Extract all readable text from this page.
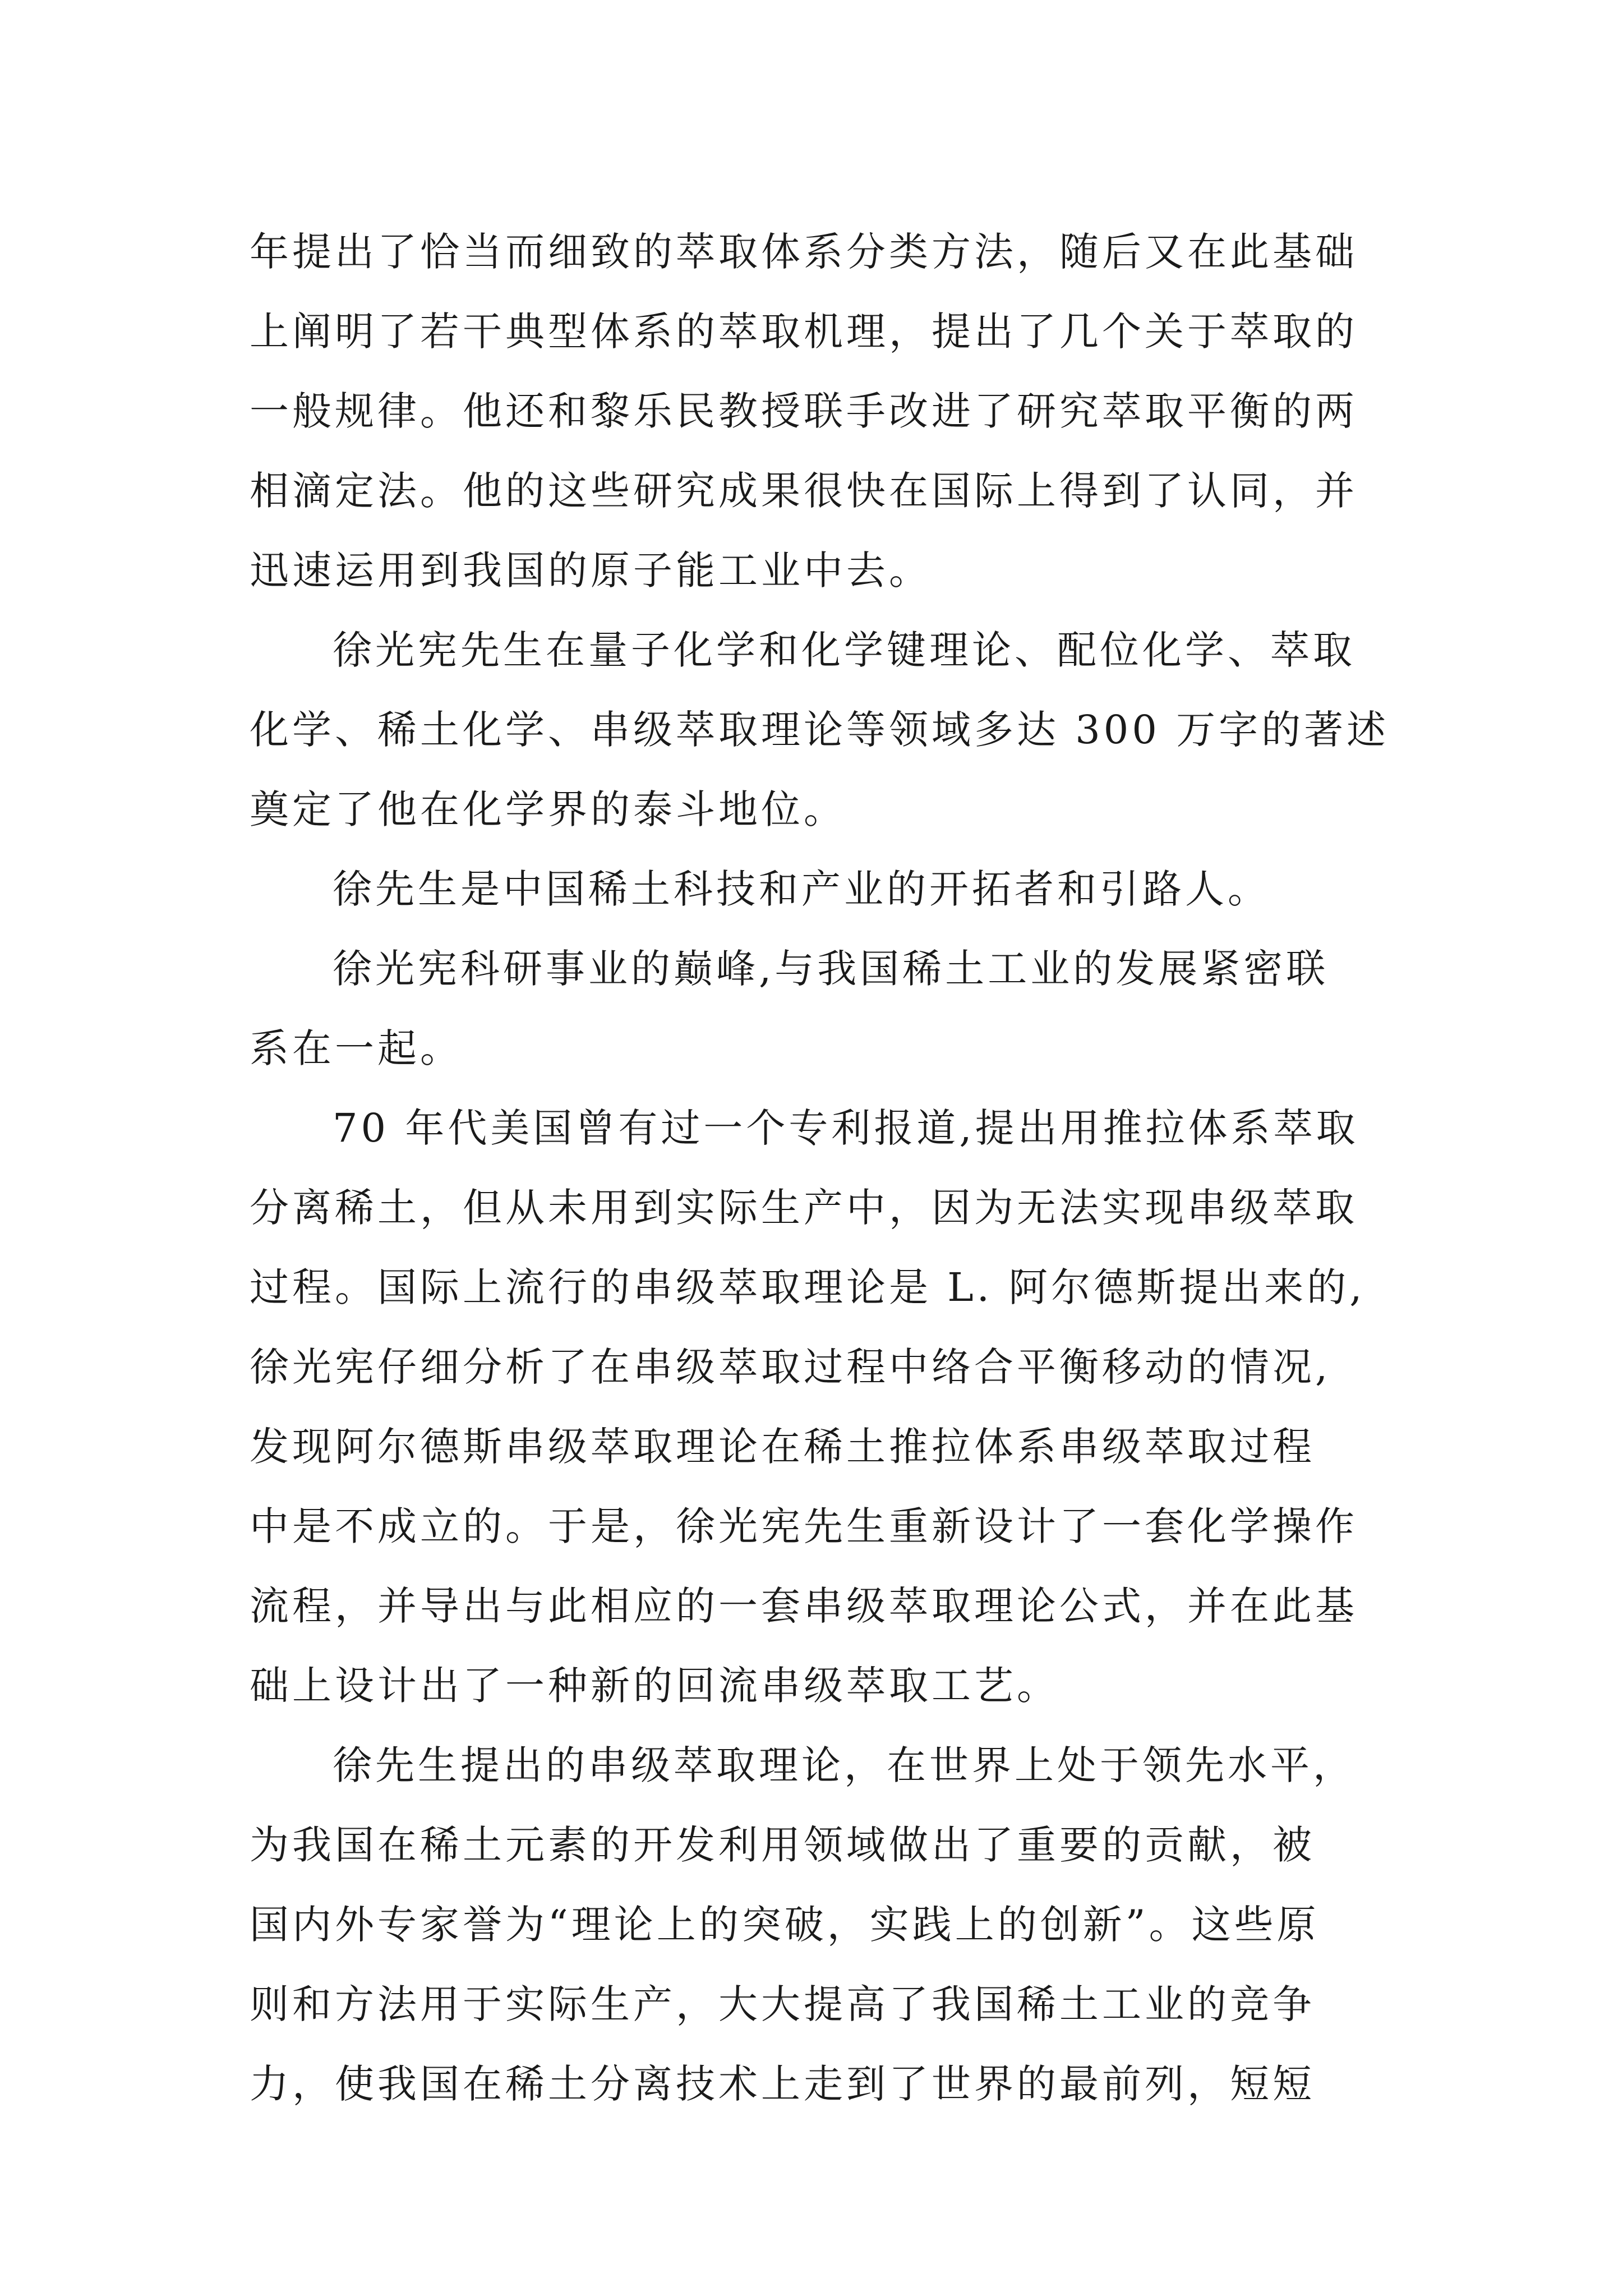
年提出了恰当而细致的萃取体系分类方法，随后又在此基础
上阐明了若干典型体系的萃取机理，提出了几个关于萃取的
一般规律。他还和黎乐民教授联手改进了研究萃取平衡的两
相滴定法。他的这些研究成果很快在国际上得到了认同，并
迅速运用到我国的原子能工业中去。
徐光宪先生在量子化学和化学键理论、配位化学、萃取
化学、稀土化学、串级萃取理论等领域多达 300 万字的著述
奠定了他在化学界的泰斗地位。
徐先生是中国稀土科技和产业的开拓者和引路人。
徐光宪科研事业的巅峰,与我国稀土工业的发展紧密联
系在一起。
70 年代美国曾有过一个专利报道,提出用推拉体系萃取
分离稀土，但从未用到实际生产中，因为无法实现串级萃取
过程。国际上流行的串级萃取理论是 L. 阿尔德斯提出来的,
徐光宪仔细分析了在串级萃取过程中络合平衡移动的情况,
发现阿尔德斯串级萃取理论在稀土推拉体系串级萃取过程
中是不成立的。于是，徐光宪先生重新设计了一套化学操作
流程，并导出与此相应的一套串级萃取理论公式，并在此基
础上设计出了一种新的回流串级萃取工艺。
徐先生提出的串级萃取理论，在世界上处于领先水平，
为我国在稀土元素的开发利用领域做出了重要的贡献，被
国内外专家誉为“理论上的突破，实践上的创新”。这些原
则和方法用于实际生产，大大提高了我国稀土工业的竞争
力，使我国在稀土分离技术上走到了世界的最前列，短短
